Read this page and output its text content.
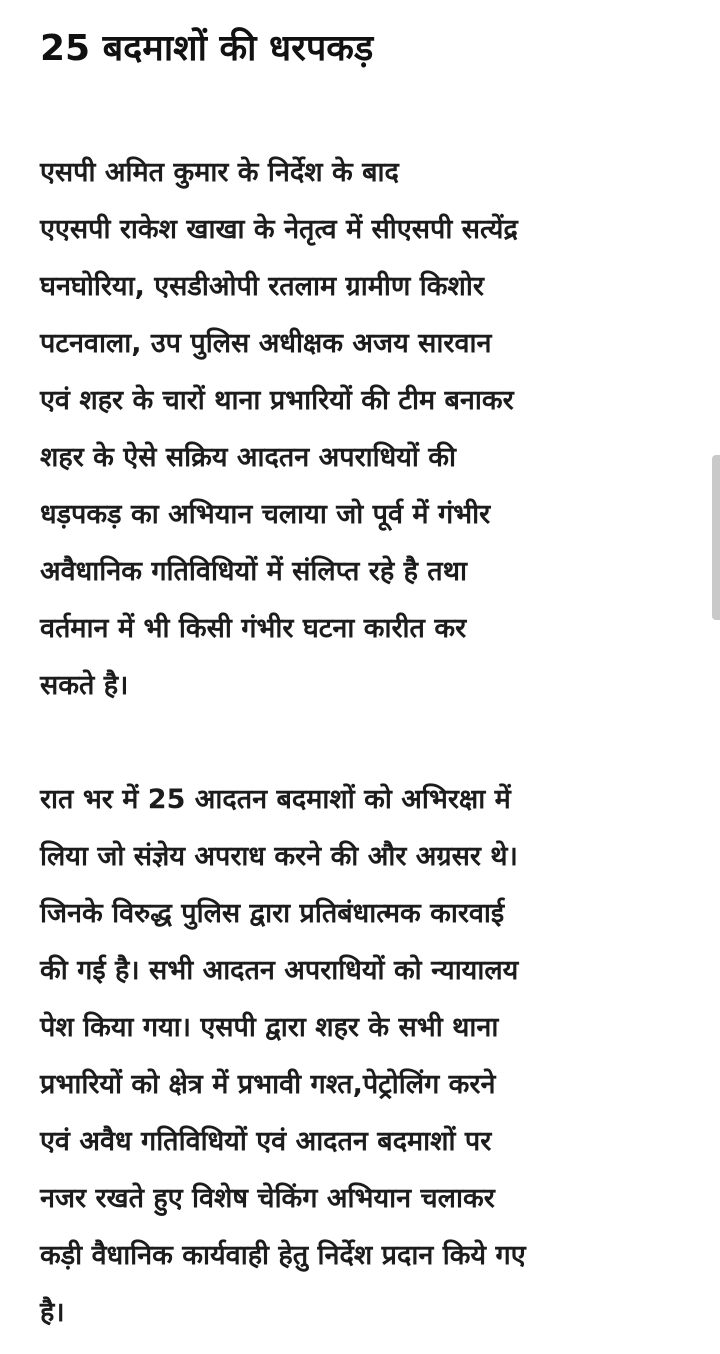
25 बदमाशों की धरपकड़

एसपी अमित कुमार के निर्देश के बाद
एएसपी राकेश खाखा के नेतृत्व में सीएसपी सत्येंद्र
घनघोरिया, एसडीओपी रतलाम ग्रामीण किशोर
पटनवाला, उप पुलिस अधीक्षक अजय सारवान
एवं शहर के चारों थाना प्रभारियों की टीम बनाकर
शहर के ऐसे सक्रिय आदतन अपराधियों की
धड़पकड़ का अभियान चलाया जो पूर्व में गंभीर
अवैधानिक गतिविधियों में संलिप्त रहे है तथा
वर्तमान में भी किसी गंभीर घटना कारीत कर
सकते है।

रात भर में 25 आदतन बदमाशों को अभिरक्षा में
लिया जो संज्ञेय अपराध करने की और अग्रसर थे।
जिनके विरुद्ध पुलिस द्वारा प्रतिबंधात्मक कारवाई
की गई है। सभी आदतन अपराधियों को न्यायालय
पेश किया गया। एसपी द्वारा शहर के सभी थाना
प्रभारियों को क्षेत्र में प्रभावी गश्त,पेट्रोलिंग करने
एवं अवैध गतिविधियों एवं आदतन बदमाशों पर
नजर रखते हुए विशेष चेकिंग अभियान चलाकर
कड़ी वैधानिक कार्यवाही हेतु निर्देश प्रदान किये गए
है।
